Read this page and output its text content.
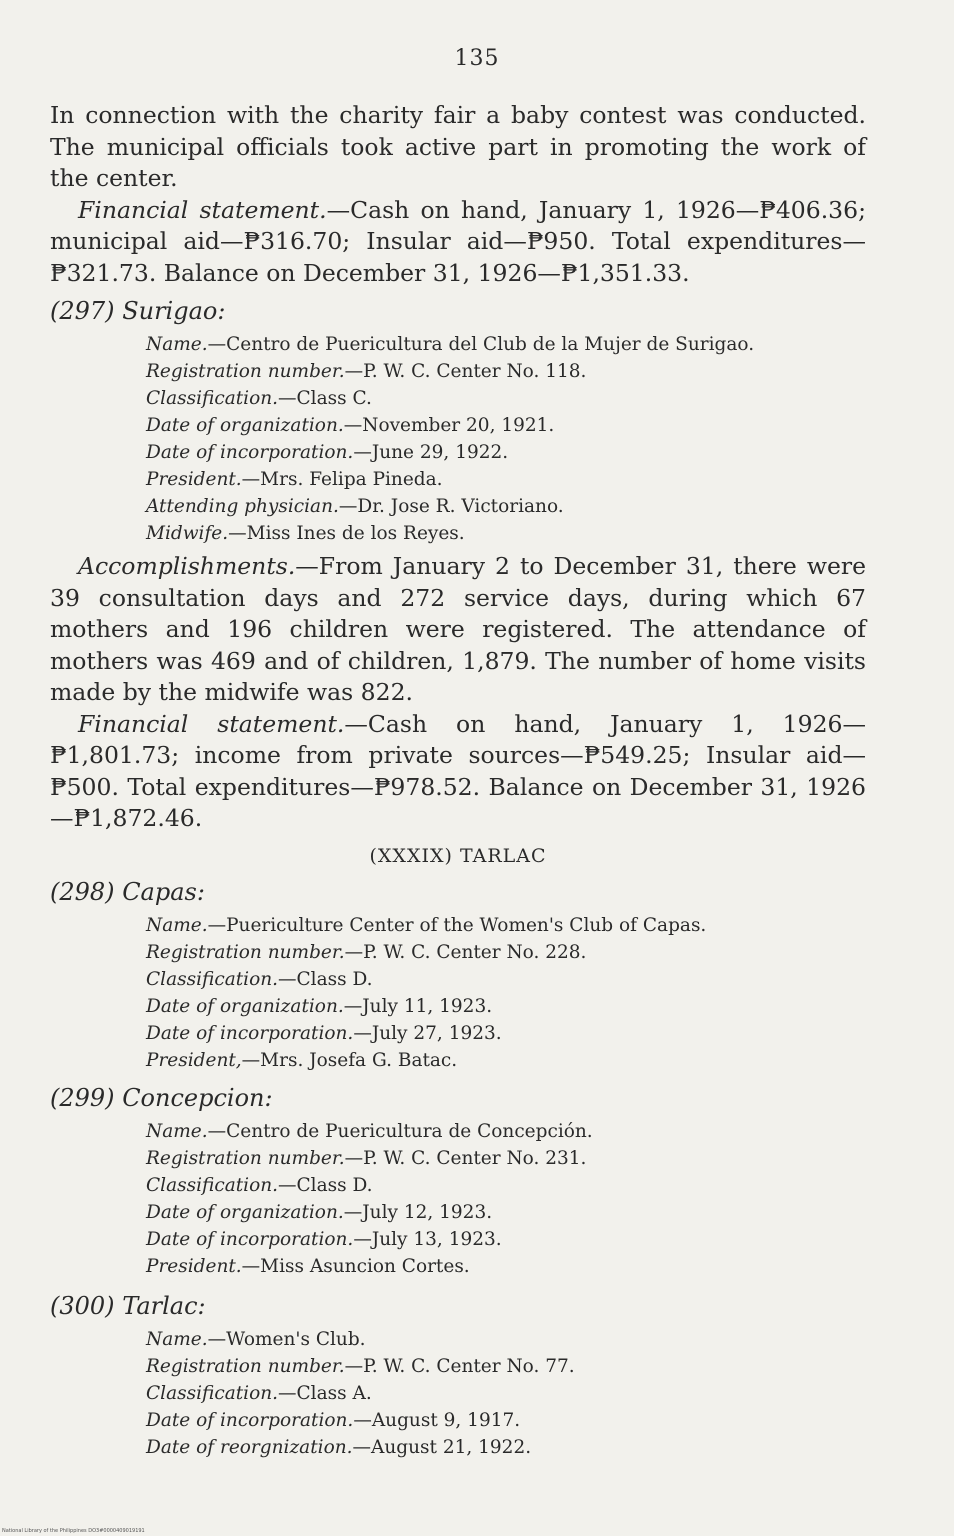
135

In connection with the charity fair a baby contest was conducted. The municipal officials took active part in promoting the work of the center.

Financial statement.—Cash on hand, January 1, 1926—₱406.36; municipal aid—₱316.70; Insular aid—₱950. Total expenditures—₱321.73. Balance on December 31, 1926—₱1,351.33.

(297) Surigao:

Name.—Centro de Puericultura del Club de la Mujer de Surigao.

Registration number.—P. W. C. Center No. 118.

Classification.—Class C.

Date of organization.—November 20, 1921.

Date of incorporation.—June 29, 1922.

President.—Mrs. Felipa Pineda.

Attending physician.—Dr. Jose R. Victoriano.

Midwife.—Miss Ines de los Reyes.

Accomplishments.—From January 2 to December 31, there were 39 consultation days and 272 service days, during which 67 mothers and 196 children were registered. The attendance of mothers was 469 and of children, 1,879. The number of home visits made by the midwife was 822.

Financial statement.—Cash on hand, January 1, 1926—₱1,801.73; income from private sources—₱549.25; Insular aid—₱500. Total expenditures—₱978.52. Balance on December 31, 1926—₱1,872.46.

(XXXIX) TARLAC

(298) Capas:

Name.—Puericulture Center of the Women's Club of Capas.

Registration number.—P. W. C. Center No. 228.

Classification.—Class D.

Date of organization.—July 11, 1923.

Date of incorporation.—July 27, 1923.

President,—Mrs. Josefa G. Batac.

(299) Concepcion:

Name.—Centro de Puericultura de Concepción.

Registration number.—P. W. C. Center No. 231.

Classification.—Class D.

Date of organization.—July 12, 1923.

Date of incorporation.—July 13, 1923.

President.—Miss Asuncion Cortes.

(300) Tarlac:

Name.—Women's Club.

Registration number.—P. W. C. Center No. 77.

Classification.—Class A.

Date of incorporation.—August 9, 1917.

Date of reorgnization.—August 21, 1922.

National Library of the Philippines DO3#0000409019191
